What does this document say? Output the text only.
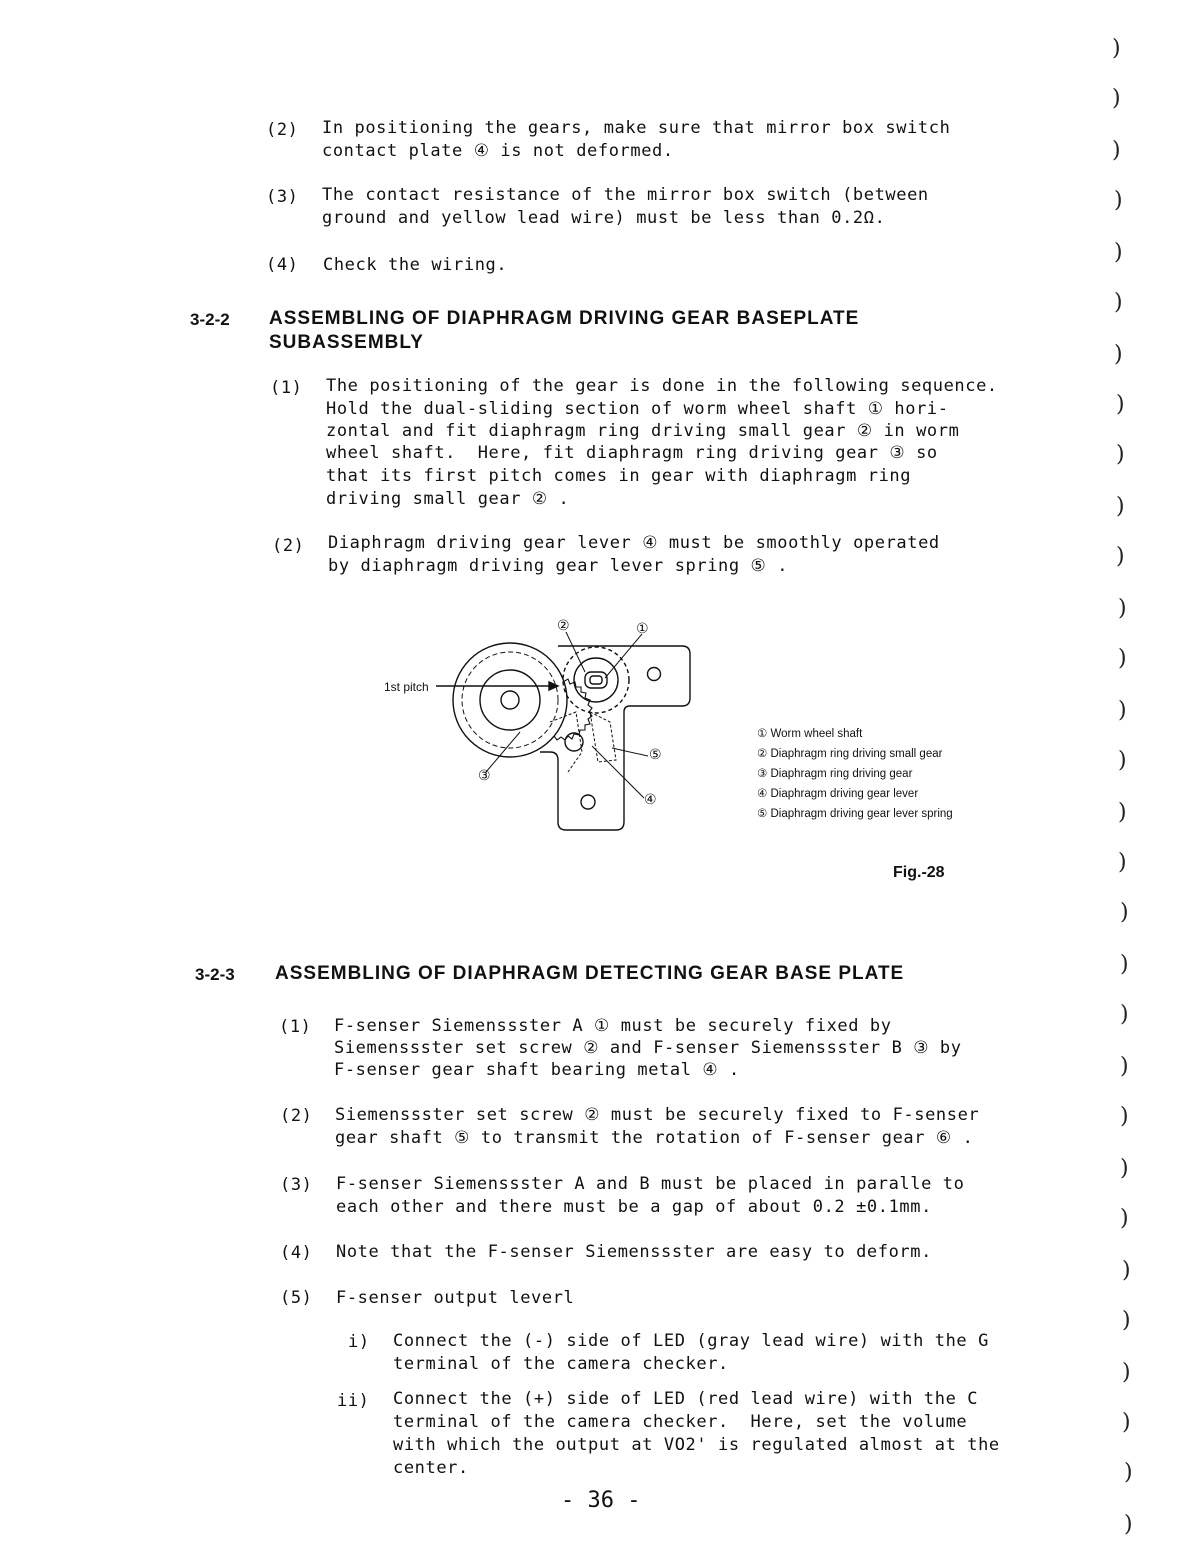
(2) In positioning the gears, make sure that mirror box switch
contact plate ④ is not deformed.
(3) The contact resistance of the mirror box switch (between
ground and yellow lead wire) must be less than 0.2Ω.
(4) Check the wiring.
3-2-2 ASSEMBLING OF DIAPHRAGM DRIVING GEAR BASEPLATE
SUBASSEMBLY
(1) The positioning of the gear is done in the following sequence.
Hold the dual-sliding section of worm wheel shaft ① hori-
zontal and fit diaphragm ring driving small gear ② in worm
wheel shaft.  Here, fit diaphragm ring driving gear ③ so
that its first pitch comes in gear with diaphragm ring
driving small gear ② .
(2) Diaphragm driving gear lever ④ must be smoothly operated
by diaphragm driving gear lever spring ⑤ .
1st pitch
②	①
③
④
⑤
① Worm wheel shaft
② Diaphragm ring driving small gear
③ Diaphragm ring driving gear
④ Diaphragm driving gear lever
⑤ Diaphragm driving gear lever spring
Fig.-28
3-2-3 ASSEMBLING OF DIAPHRAGM DETECTING GEAR BASE PLATE
(1) F-senser Siemenssster A ① must be securely fixed by
Siemenssster set screw ② and F-senser Siemenssster B ③ by
F-senser gear shaft bearing metal ④ .
(2) Siemenssster set screw ② must be securely fixed to F-senser
gear shaft ⑤ to transmit the rotation of F-senser gear ⑥ .
(3) F-senser Siemenssster A and B must be placed in paralle to
each other and there must be a gap of about 0.2 ±0.1mm.
(4) Note that the F-senser Siemenssster are easy to deform.
(5) F-senser output leverl
i) Connect the (-) side of LED (gray lead wire) with the G
terminal of the camera checker.
ii) Connect the (+) side of LED (red lead wire) with the C
terminal of the camera checker.  Here, set the volume
with which the output at VO2' is regulated almost at the
center.
- 36 -
)
)
)
)
)
)
)
)
)
)
)
)
)
)
)
)
)
)
)
)
)
)
)
)
)
)
)
)
)
)
